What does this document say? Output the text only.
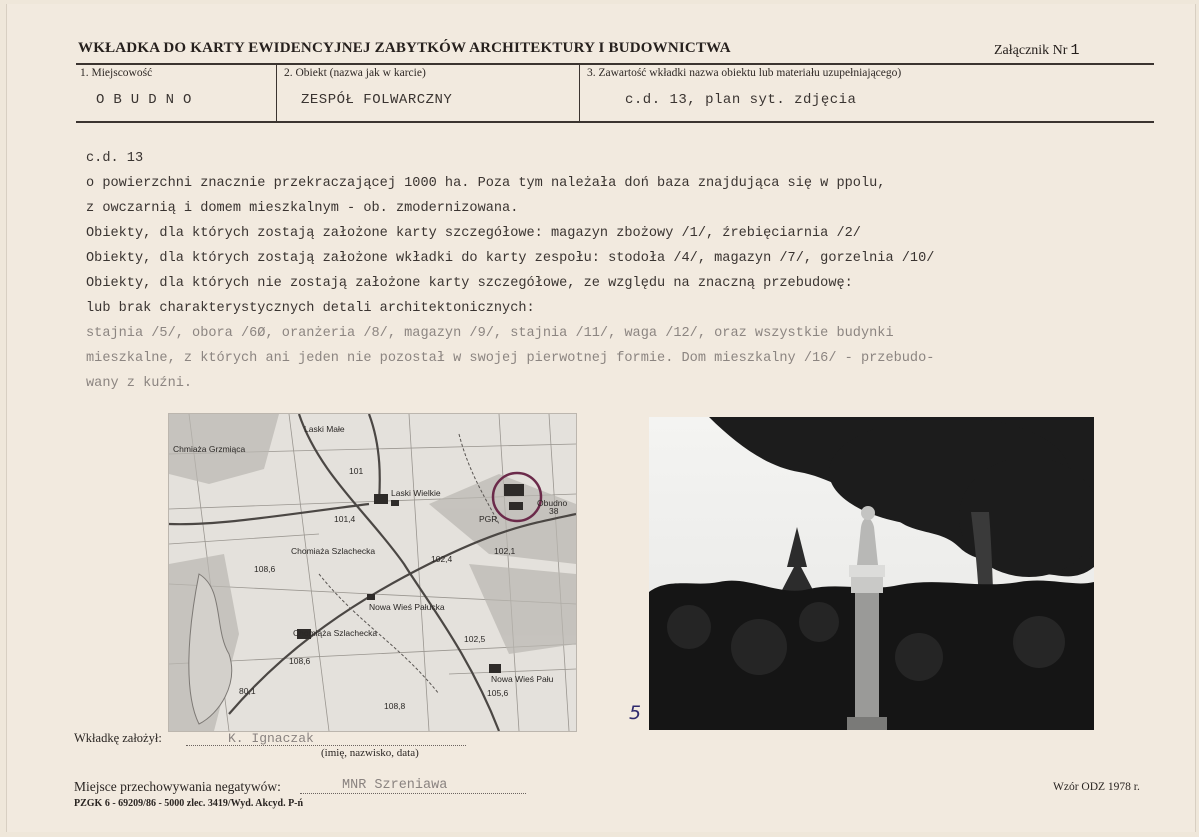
WKŁADKA DO KARTY EWIDENCYJNEJ ZABYTKÓW ARCHITEKTURY I BUDOWNICTWA	Załącznik Nr 1
1. Miejscowość
OBUDNO
2. Obiekt (nazwa jak w karcie)
ZESPÓŁ FOLWARCZNY
3. Zawartość wkładki nazwa obiektu lub materiału uzupełniającego)
c.d. 13, plan syt. zdjęcia
c.d. 13
o powierzchni znacznie przekraczającej 1000 ha. Poza tym należała doń baza znajdująca się w ppolu,
z owczarnią i domem mieszkalnym - ob. zmodernizowana.
Obiekty, dla których zostają założone karty szczegółowe: magazyn zbożowy /1/, źrebięciarnia /2/
Obiekty, dla których zostają założone wkładki do karty zespołu: stodoła /4/, magazyn /7/, gorzelnia /10/
Obiekty, dla których nie zostają założone karty szczegółowe, ze względu na znaczną przebudowę:
lub brak charakterystycznych detali architektonicznych:
stajnia /5/, obora /6Ø, oranżeria /8/, magazyn /9/, stajnia /11/, waga /12/, oraz wszystkie budynki
mieszkalne, z których ani jeden nie pozostał w swojej pierwotnej formie. Dom mieszkalny /16/ - przebudo-
wany z kuźni.
Laski Małe
Chmiaża Grzmiąca
Laski Wielkie
Obudno
PGR
Chomiaża Szlachecka
Nowa Wieś Pałucka
Chomiąża Szlachecka
Nowa Wieś Pału
102,4
102,1
108,6
102,5
108,6
105,6
108,8
101,4
80,1
101
38
5
Wkładkę założył:	K. Ignaczak
(imię, nazwisko, data)
Miejsce przechowywania negatywów:	MNR Szreniawa
PZGK 6 - 69209/86 - 5000 zlec. 3419/Wyd. Akcyd. P-ń
Wzór ODZ 1978 r.
